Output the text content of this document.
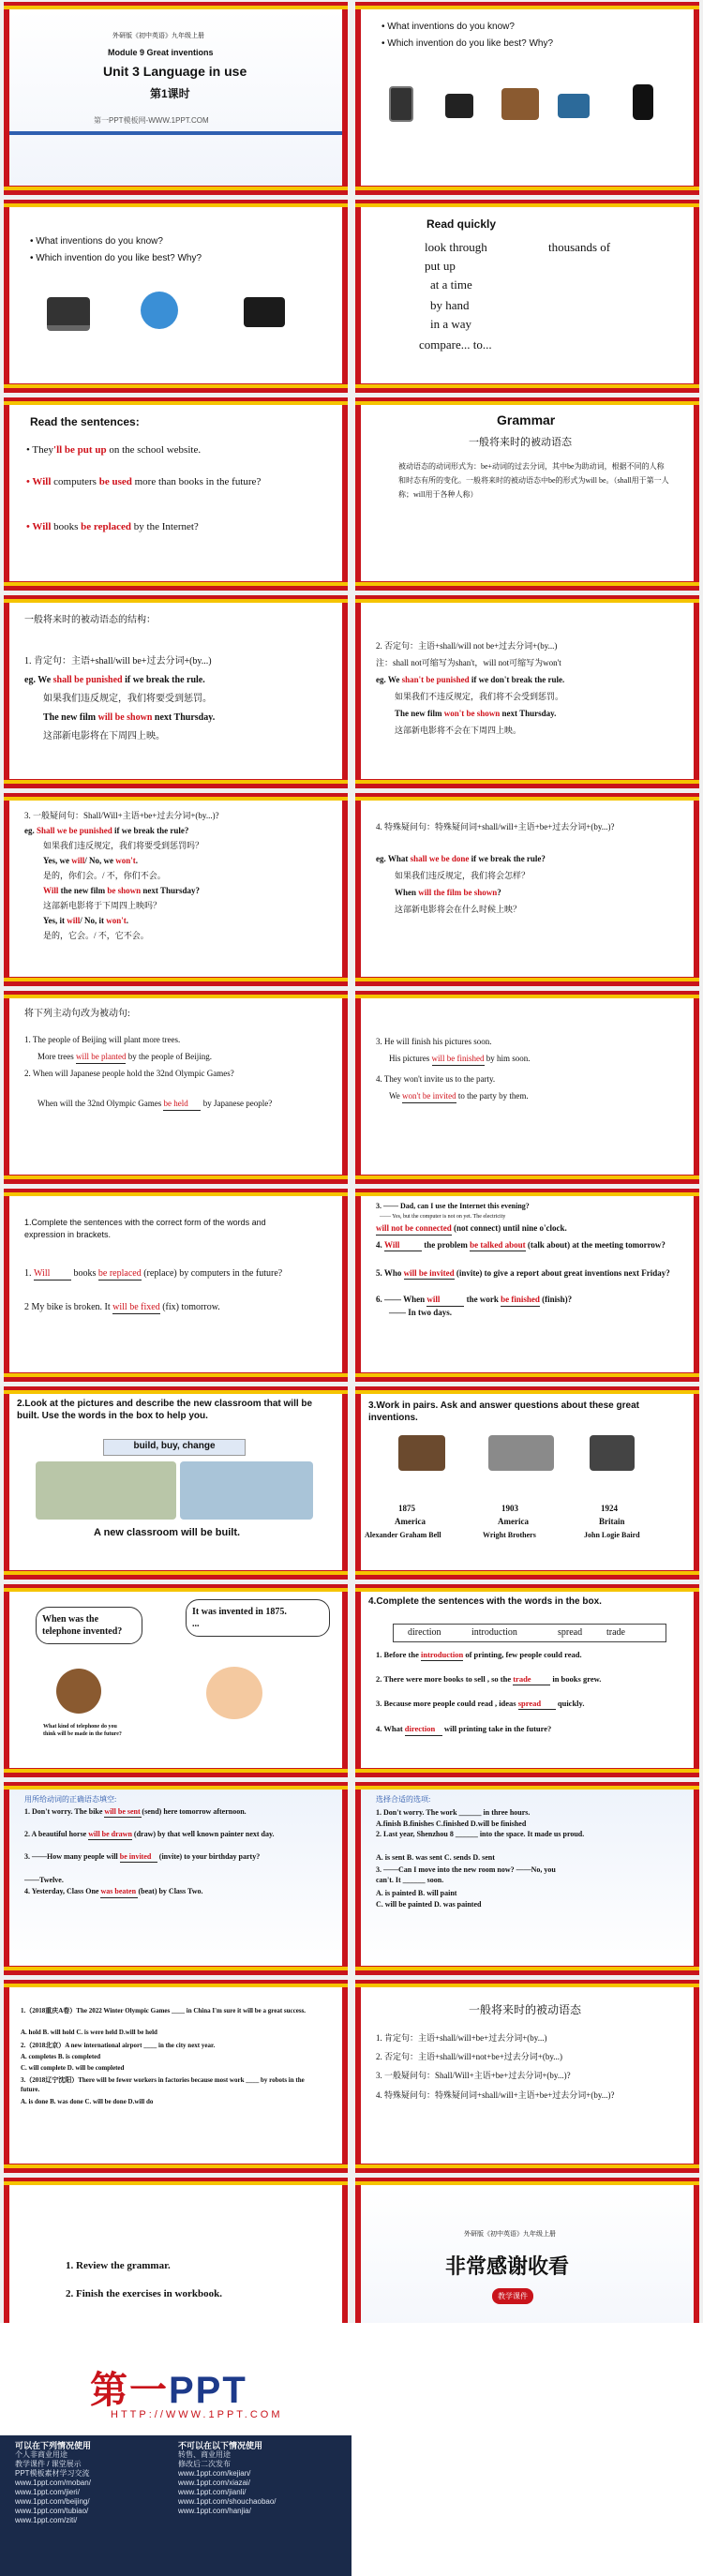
外研版《初中英语》九年级上册
Module 9 Great inventions
Unit 3 Language in use
第1课时
第一PPT模板网-WWW.1PPT.COM
• What inventions do you know?
• Which invention do you like best? Why?
• What inventions do you know?
• Which invention do you like best? Why?
Read quickly
look through	thousands of
put up
at a time
by hand
in a way
compare... to...
Read the sentences:
• They'll be put up on the school website.
• Will computers be used more than books in the future?
• Will books be replaced by the Internet?
Grammar
一般将来时的被动语态
被动语态的动词形式为：be+动词的过去分词，其中be为助动词，根据不同的人称和时态有所的变化。一般将来时的被动语态中be的形式为will be。（shall用于第一人称；will用于各种人称）
一般将来时的被动语态的结构：
1. 肯定句：主语+shall/will be+过去分词+(by...)
eg. We shall be punished if we break the rule.
如果我们违反规定，我们将要受到惩罚。
The new film will be shown next Thursday.
这部新电影将在下周四上映。
2. 否定句：主语+shall/will not be+过去分词+(by...)
注：shall not可缩写为shan't，will not可缩写为won't
eg. We shan't be punished if we don't break the rule.
如果我们不违反规定，我们将不会受到惩罚。
The new film won't be shown next Thursday.
这部新电影将不会在下周四上映。
3. 一般疑问句：Shall/Will+主语+be+过去分词+(by...)?
eg. Shall we be punished if we break the rule?
如果我们违反规定，我们将要受到惩罚吗？
Yes, we will/ No, we won't.
是的，你们会。/ 不，你们不会。
Will the new film be shown next Thursday?
这部新电影将于下周四上映吗？
Yes, it will/ No, it won't.
是的，它会。/ 不，它不会。
4. 特殊疑问句：特殊疑问词+shall/will+主语+be+过去分词+(by...)?
eg. What shall we be done if we break the rule?
如果我们违反规定，我们将会怎样？
When will the film be shown?
这部新电影将会在什么时候上映？
将下列主动句改为被动句:
1. The people of Beijing will plant more trees.
More trees will be planted by the people of Beijing.
2. When will Japanese people hold the 32nd Olympic Games?
When will the 32nd Olympic Games be held by Japanese people?
3. He will finish his pictures soon.
His pictures will be finished by him soon.
4. They won't invite us to the party.
We won't be invited to the party by them.
1.Complete the sentences with the correct form of the words and expression in brackets.
1. Will books be replaced (replace) by computers in the future?
2 My bike is broken. It will be fixed (fix) tomorrow.
3. —— Dad, can I use the Internet this evening?
—— Yes, but the computer is not on yet. The electricity
will not be connected (not connect) until nine o'clock.
4. Will	the problem be talked about (talk about) at the meeting tomorrow?
5. Who will be invited (invite) to give a report about great inventions next Friday?
6. —— When will	the work be finished (finish)?
—— In two days.
2.Look at the pictures and describe the new classroom that will be built. Use the words in the box to help you.
build, buy, change
A new classroom will be built.
3.Work in pairs. Ask and answer questions about these great inventions.
1875	1903	1924
America	America	Britain
Alexander Graham Bell	Wright Brothers	John Logie Baird
When was the telephone invented?
It was invented in 1875.
...
What kind of telephone do you think will be made in the future?
4.Complete the sentences with the words in the box.
direction	introduction	spread	trade
1. Before the introduction of printing, few people could read.
2. There were more books to sell , so the trade in books grew.
3. Because more people could read , ideas spread quickly.
4. What direction will printing take in the future?
用所给动词的正确语态填空:
1. Don't worry. The bike will be sent (send) here tomorrow afternoon.
2. A beautiful horse will be drawn (draw) by that well known painter next day.
3. ——How many people will be invited (invite) to your birthday party?
——Twelve.
4. Yesterday, Class One was beaten (beat) by Class Two.
选择合适的选项:
1. Don't worry. The work ______ in three hours.
A.finish B.finishes C.finished D.will be finished
2. Last year, Shenzhou 8 ______ into the space. It made us proud.
A. is sent B. was sent C. sends D. sent
3. ——Can I move into the new room now? ——No, you can't. It ______ soon.
A. is painted B. will paint
C. will be painted D. was painted
1.（2018重庆A卷）The 2022 Winter Olympic Games ____ in China I'm sure it will be a great success.
A. hold B. will hold C. is were held D.will be held
2.（2018北京）A new international airport ____ in the city next year.
A. completes B. is completed
C. will complete D. will be completed
3.（2018辽宁沈阳）There will be fewer workers in factories because most work ____ by robots in the future.
A. is done B. was done C. will be done D.will do
一般将来时的被动语态
1. 肯定句：主语+shall/will+be+过去分词+(by...)
2. 否定句：主语+shall/will+not+be+过去分词+(by...)
3. 一般疑问句：Shall/Will+主语+be+过去分词+(by...)?
4. 特殊疑问句：特殊疑问词+shall/will+主语+be+过去分词+(by...)?
1. Review the grammar.
2. Finish the exercises in workbook.
外研版《初中英语》九年级上册
非常感谢收看
教学课件
第一PPT
HTTP://WWW.1PPT.COM
可以在下列情况使用
个人非商业用途
教学课件 / 课堂展示
PPT模板素材学习交流
www.1ppt.com/moban/
www.1ppt.com/jieri/
www.1ppt.com/beijing/
www.1ppt.com/tubiao/
www.1ppt.com/ziti/
不可以在以下情况使用
转售、商业用途
修改后二次发布
www.1ppt.com/kejian/
www.1ppt.com/xiazai/
www.1ppt.com/jianli/
www.1ppt.com/shouchaobao/
www.1ppt.com/hanjia/
